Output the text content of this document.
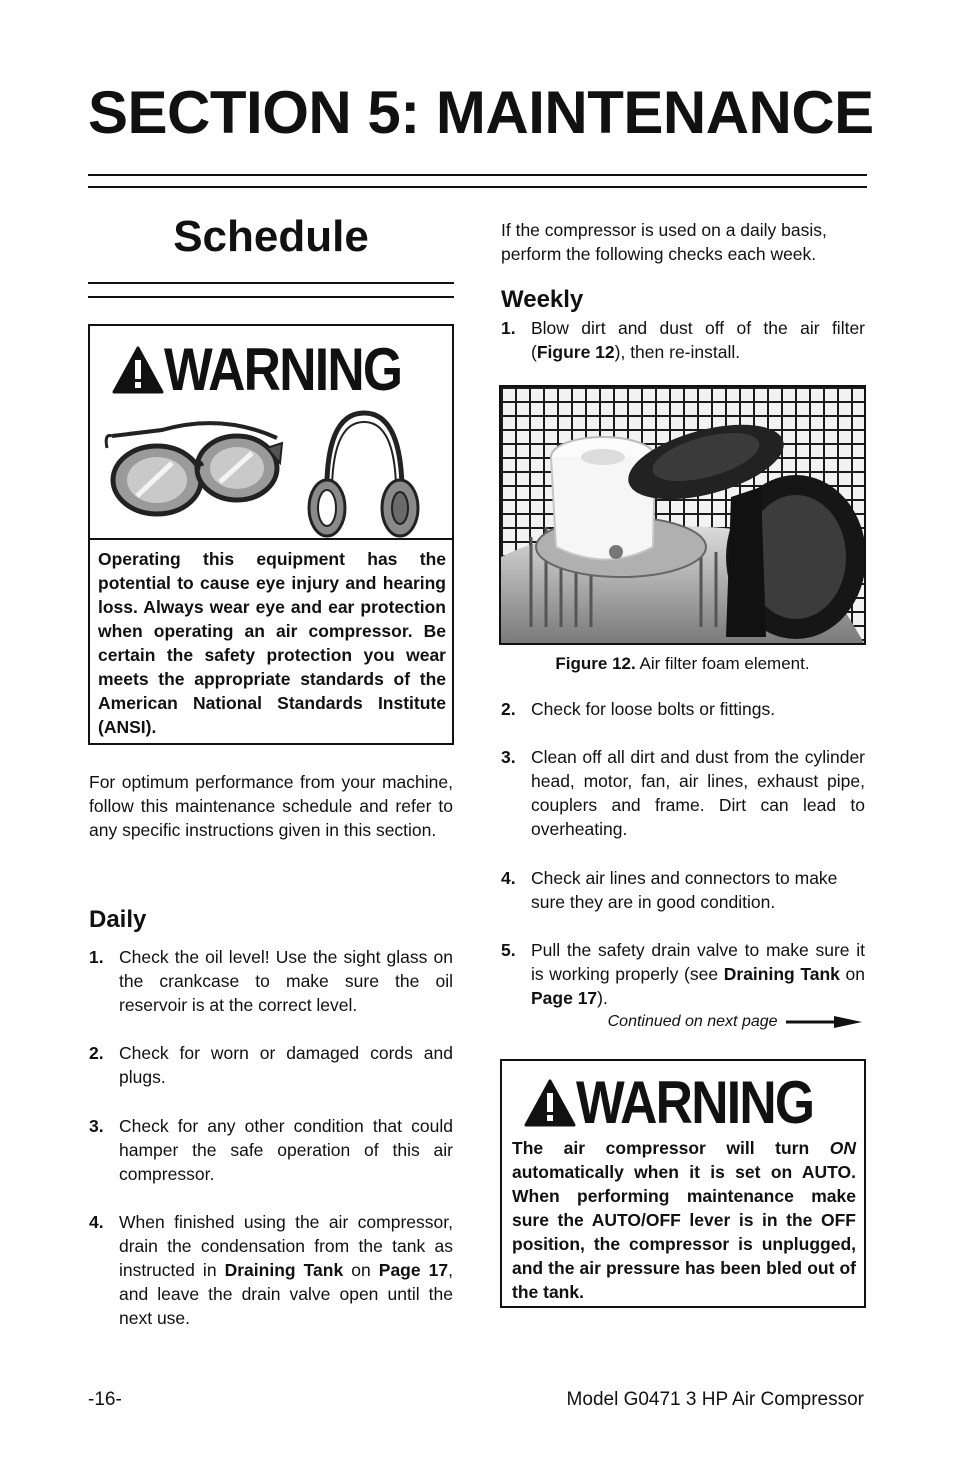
SECTION 5: MAINTENANCE
Schedule
WARNING
Operating this equipment has the potential to cause eye injury and hearing loss. Always wear eye and ear protection when operating an air compressor. Be certain the safety protection you wear meets the appropriate standards of the American National Standards Institute (ANSI).
For optimum performance from your machine, follow this maintenance schedule and refer to any specific instructions given in this section.
Daily
1. Check the oil level! Use the sight glass on the crankcase to make sure the oil reservoir is at the correct level.
2. Check for worn or damaged cords and plugs.
3. Check for any other condition that could hamper the safe operation of this air compressor.
4. When finished using the air compressor, drain the condensation from the tank as instructed in Draining Tank on Page 17, and leave the drain valve open until the next use.
If the compressor is used on a daily basis, perform the following checks each week.
Weekly
1. Blow dirt and dust off of the air filter (Figure 12), then re-install.
Figure 12. Air filter foam element.
2. Check for loose bolts or fittings.
3. Clean off all dirt and dust from the cylinder head, motor, fan, air lines, exhaust pipe, couplers and frame. Dirt can lead to overheating.
4. Check air lines and connectors to make sure they are in good condition.
5. Pull the safety drain valve to make sure it is working properly (see Draining Tank on Page 17).
Continued on next page
WARNING
The air compressor will turn ON automatically when it is set on AUTO. When performing maintenance make sure the AUTO/OFF lever is in the OFF position, the compressor is unplugged, and the air pressure has been bled out of the tank.
-16-	Model G0471 3 HP Air Compressor
